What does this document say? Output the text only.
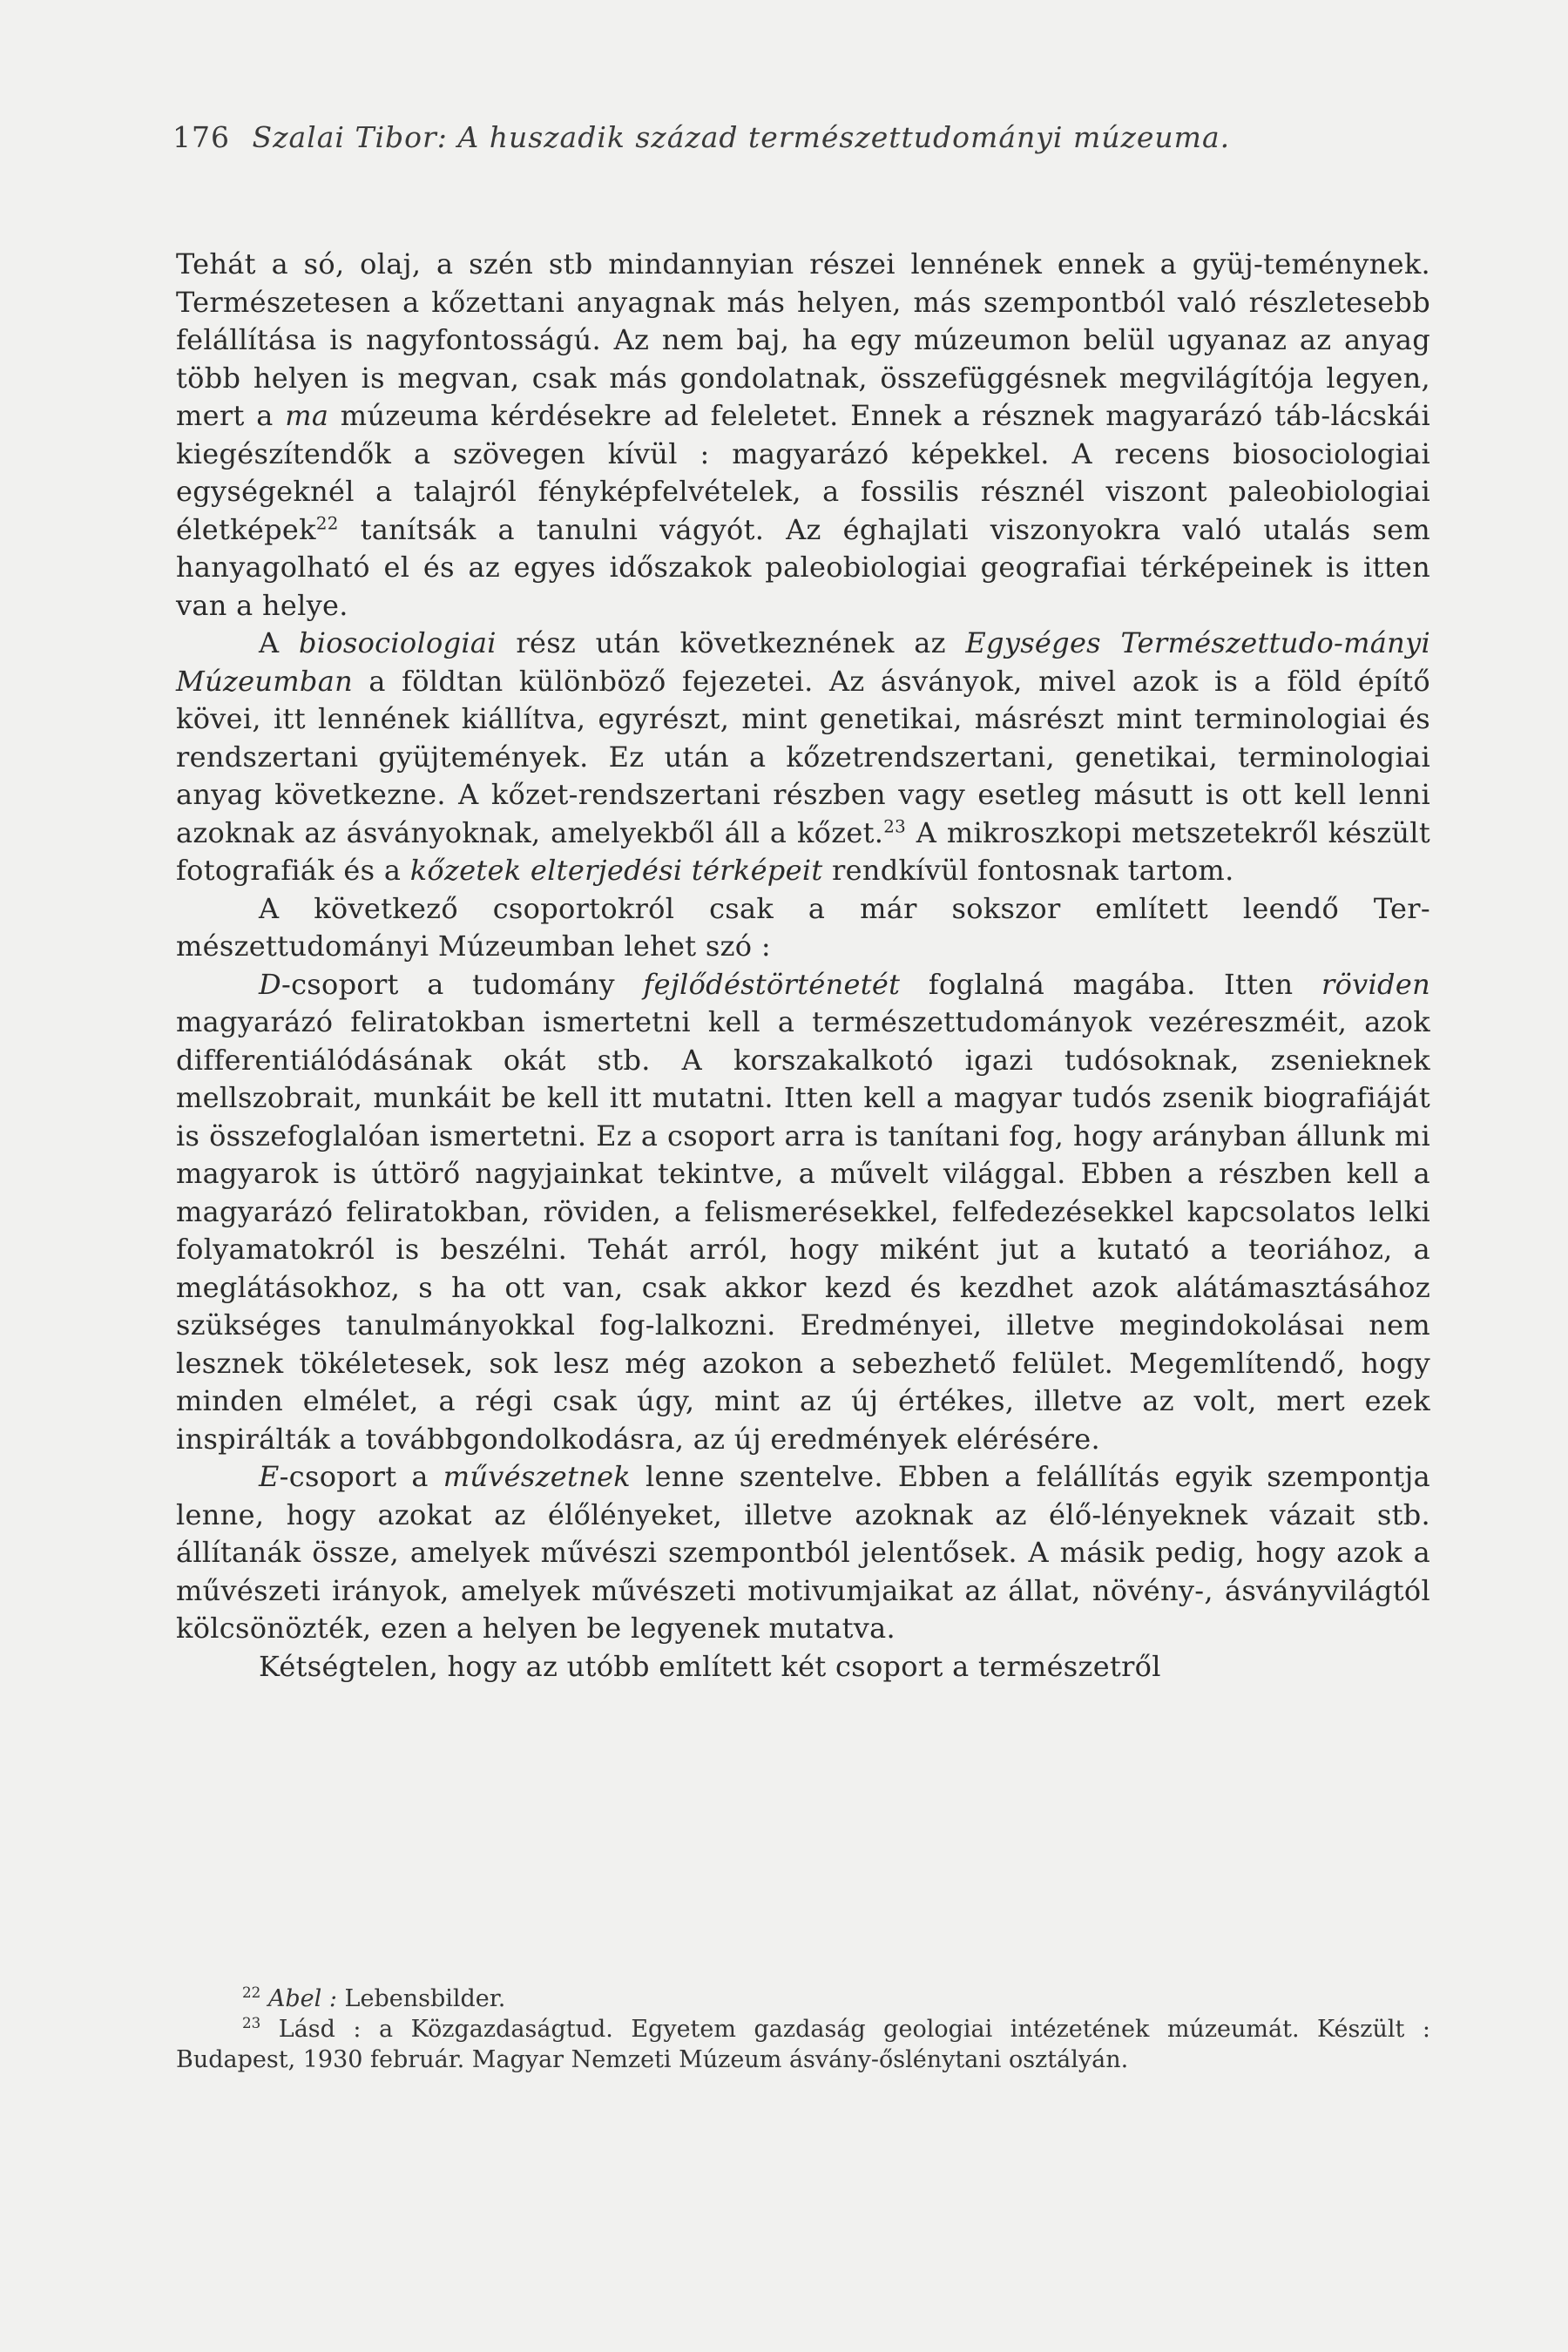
176 Szalai Tibor: A huszadik század természettudományi múzeuma.

Tehát a só, olaj, a szén stb mindannyian részei lennének ennek a gyüj-teménynek. Természetesen a kőzettani anyagnak más helyen, más szempontból való részletesebb felállítása is nagyfontosságú. Az nem baj, ha egy múzeumon belül ugyanaz az anyag több helyen is megvan, csak más gondolatnak, összefüggésnek megvilágítója legyen, mert a ma múzeuma kérdésekre ad feleletet. Ennek a résznek magyarázó táb-lácskái kiegészítendők a szövegen kívül : magyarázó képekkel. A recens biosociologiai egységeknél a talajról fényképfelvételek, a fossilis résznél viszont paleobiologiai életképek$^{22}$ tanítsák a tanulni vágyót. Az éghajlati viszonyokra való utalás sem hanyagolható el és az egyes időszakok paleobiologiai geografiai térképeinek is itten van a helye.

A biosociologiai rész után következnének az Egységes Természettudo-mányi Múzeumban a földtan különböző fejezetei. Az ásványok, mivel azok is a föld építő kövei, itt lennének kiállítva, egyrészt, mint genetikai, másrészt mint terminologiai és rendszertani gyüjtemények. Ez után a kőzetrendszertani, genetikai, terminologiai anyag következne. A kőzet-rendszertani részben vagy esetleg másutt is ott kell lenni azoknak az ásványoknak, amelyekből áll a kőzet.$^{23}$ A mikroszkopi metszetekről készült fotografiák és a kőzetek elterjedési térképeit rendkívül fontosnak tartom.

A következő csoportokról csak a már sokszor említett leendő Ter-mészettudományi Múzeumban lehet szó :

D-csoport a tudomány fejlődéstörténetét foglalná magába. Itten röviden magyarázó feliratokban ismertetni kell a természettudományok vezéreszméit, azok differentiálódásának okát stb. A korszakalkotó igazi tudósoknak, zsenieknek mellszobrait, munkáit be kell itt mutatni. Itten kell a magyar tudós zsenik biografiáját is összefoglalóan ismertetni. Ez a csoport arra is tanítani fog, hogy arányban állunk mi magyarok is úttörő nagyjainkat tekintve, a művelt világgal. Ebben a részben kell a magyarázó feliratokban, röviden, a felismerésekkel, felfedezésekkel kapcsolatos lelki folyamatokról is beszélni. Tehát arról, hogy miként jut a kutató a teoriához, a meglátásokhoz, s ha ott van, csak akkor kezd és kezdhet azok alátámasztásához szükséges tanulmányokkal fog-lalkozni. Eredményei, illetve megindokolásai nem lesznek tökéletesek, sok lesz még azokon a sebezhető felület. Megemlítendő, hogy minden elmélet, a régi csak úgy, mint az új értékes, illetve az volt, mert ezek inspirálták a továbbgondolkodásra, az új eredmények elérésére.

E-csoport a művészetnek lenne szentelve. Ebben a felállítás egyik szempontja lenne, hogy azokat az élőlényeket, illetve azoknak az élő-lényeknek vázait stb. állítanák össze, amelyek művészi szempontból jelentősek. A másik pedig, hogy azok a művészeti irányok, amelyek művészeti motivumjaikat az állat, növény-, ásványvilágtól kölcsönözték, ezen a helyen be legyenek mutatva.

Kétségtelen, hogy az utóbb említett két csoport a természetről

$^{22}$ Abel : Lebensbilder.

$^{23}$ Lásd : a Közgazdaságtud. Egyetem gazdaság geologiai intézetének múzeumát. Készült : Budapest, 1930 február. Magyar Nemzeti Múzeum ásvány-őslénytani osztályán.
